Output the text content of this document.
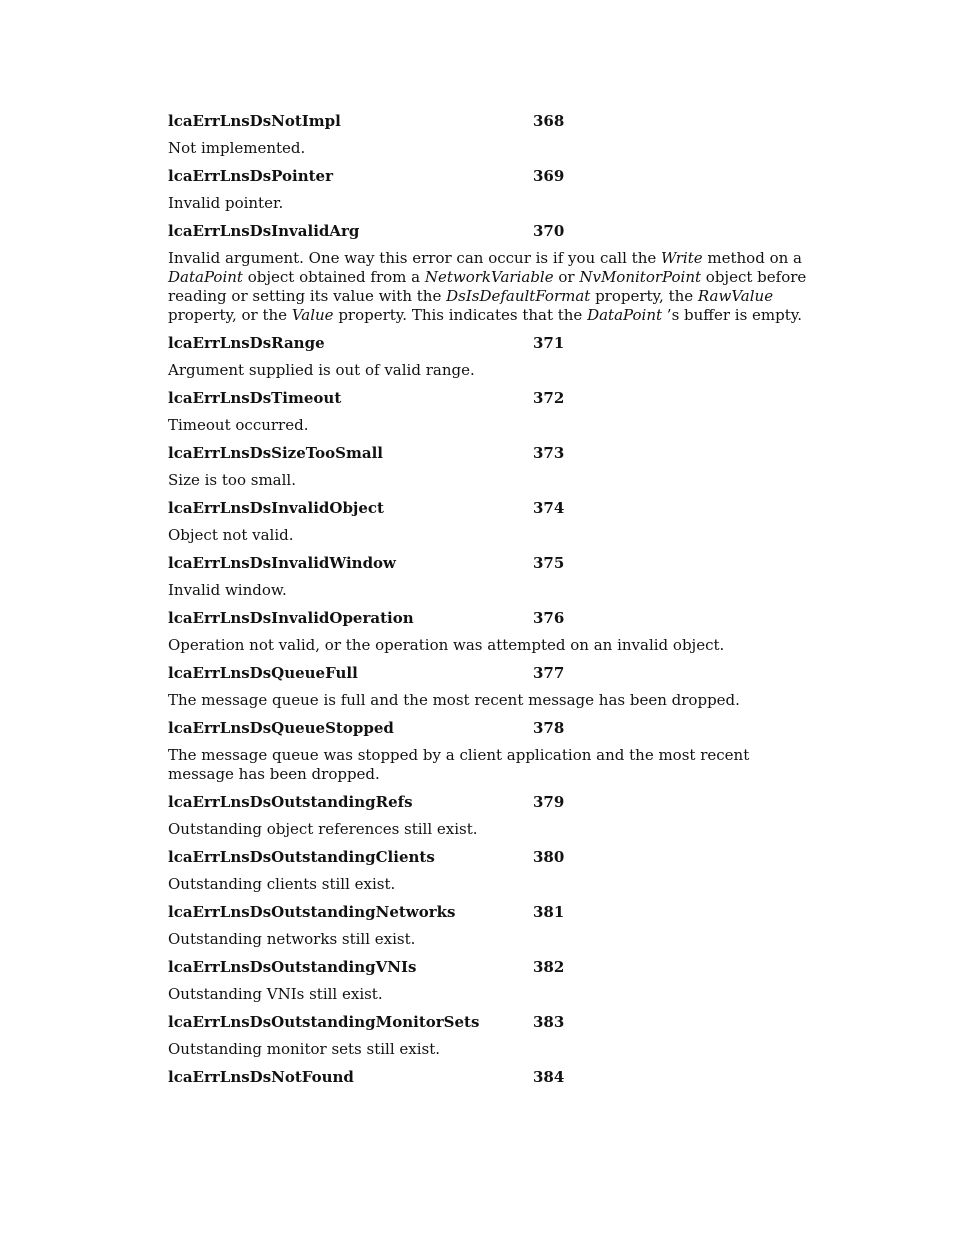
lcaErrLnsDsNotImpl	368

Not implemented.

lcaErrLnsDsPointer	369

Invalid pointer.

lcaErrLnsDsInvalidArg	370

Invalid argument. One way this error can occur is if you call the Write method on a DataPoint object obtained from a NetworkVariable or NvMonitorPoint object before reading or setting its value with the DsIsDefaultFormat property, the RawValue property, or the Value property. This indicates that the DataPoint ’s buffer is empty.

lcaErrLnsDsRange	371

Argument supplied is out of valid range.

lcaErrLnsDsTimeout	372

Timeout occurred.

lcaErrLnsDsSizeTooSmall	373

Size is too small.

lcaErrLnsDsInvalidObject	374

Object not valid.

lcaErrLnsDsInvalidWindow	375

Invalid window.

lcaErrLnsDsInvalidOperation	376

Operation not valid, or the operation was attempted on an invalid object.

lcaErrLnsDsQueueFull	377

The message queue is full and the most recent message has been dropped.

lcaErrLnsDsQueueStopped	378

The message queue was stopped by a client application and the most recent message has been dropped.

lcaErrLnsDsOutstandingRefs	379

Outstanding object references still exist.

lcaErrLnsDsOutstandingClients	380

Outstanding clients still exist.

lcaErrLnsDsOutstandingNetworks	381

Outstanding networks still exist.

lcaErrLnsDsOutstandingVNIs	382

Outstanding VNIs still exist.

lcaErrLnsDsOutstandingMonitorSets	383

Outstanding monitor sets still exist.

lcaErrLnsDsNotFound	384
